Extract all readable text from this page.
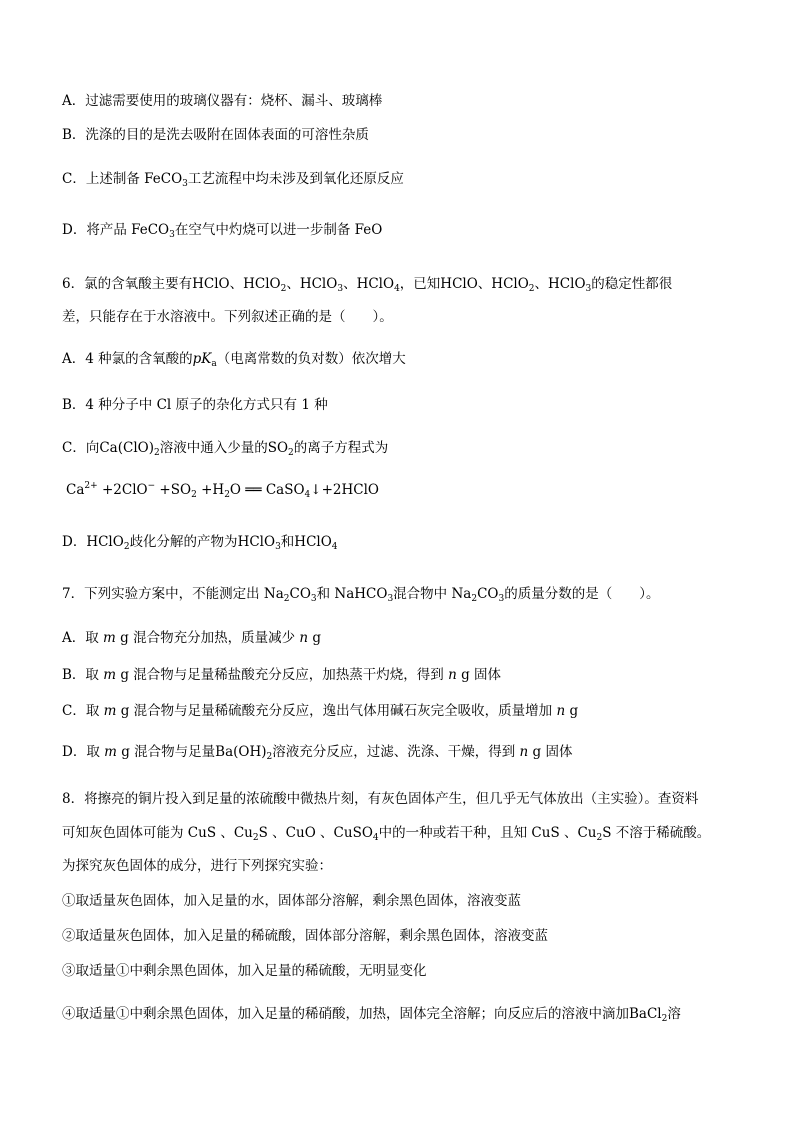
A．过滤需要使用的玻璃仪器有：烧杯、漏斗、玻璃棒
B．洗涤的目的是洗去吸附在固体表面的可溶性杂质
C．上述制备 FeCO$_3$工艺流程中均未涉及到氧化还原反应
D．将产品 FeCO$_3$在空气中灼烧可以进一步制备 FeO
6．氯的含氧酸主要有HClO、HClO$_2$、HClO$_3$、HClO$_4$，已知HClO、HClO$_2$、HClO$_3$的稳定性都很
差，只能存在于水溶液中。下列叙述正确的是（　　）。
A．4 种氯的含氧酸的$pK_a$（电离常数的负对数）依次增大
B．4 种分子中 Cl 原子的杂化方式只有 1 种
C．向$Ca(ClO)_2$溶液中通入少量的$SO_2$的离子方程式为
$Ca^{2+} +2ClO^- +SO_2 +H_2O$ ══ CaSO$_4$↓+2HClO
D．HClO$_2$歧化分解的产物为HClO$_3$和HClO$_4$
7．下列实验方案中，不能测定出 $Na_2CO_3$和 NaHCO$_3$混合物中 $Na_2CO_3$的质量分数的是（　　）。
A．取 m g 混合物充分加热，质量减少 n g
B．取 m g 混合物与足量稀盐酸充分反应，加热蒸干灼烧，得到 n g 固体
C．取 m g 混合物与足量稀硫酸充分反应，逸出气体用碱石灰完全吸收，质量增加 n g
D．取 m g 混合物与足量$Ba(OH)_2$溶液充分反应，过滤、洗涤、干燥，得到 n g 固体
8．将擦亮的铜片投入到足量的浓硫酸中微热片刻，有灰色固体产生，但几乎无气体放出（主实验）。查资料
可知灰色固体可能为 CuS 、$Cu_2S$ 、CuO 、CuSO$_4$中的一种或若干种，且知 CuS 、$Cu_2S$ 不溶于稀硫酸。
为探究灰色固体的成分，进行下列探究实验：
①取适量灰色固体，加入足量的水，固体部分溶解，剩余黑色固体，溶液变蓝
②取适量灰色固体，加入足量的稀硫酸，固体部分溶解，剩余黑色固体，溶液变蓝
③取适量①中剩余黑色固体，加入足量的稀硫酸，无明显变化
④取适量①中剩余黑色固体，加入足量的稀硝酸，加热，固体完全溶解；向反应后的溶液中滴加BaCl$_2$溶
